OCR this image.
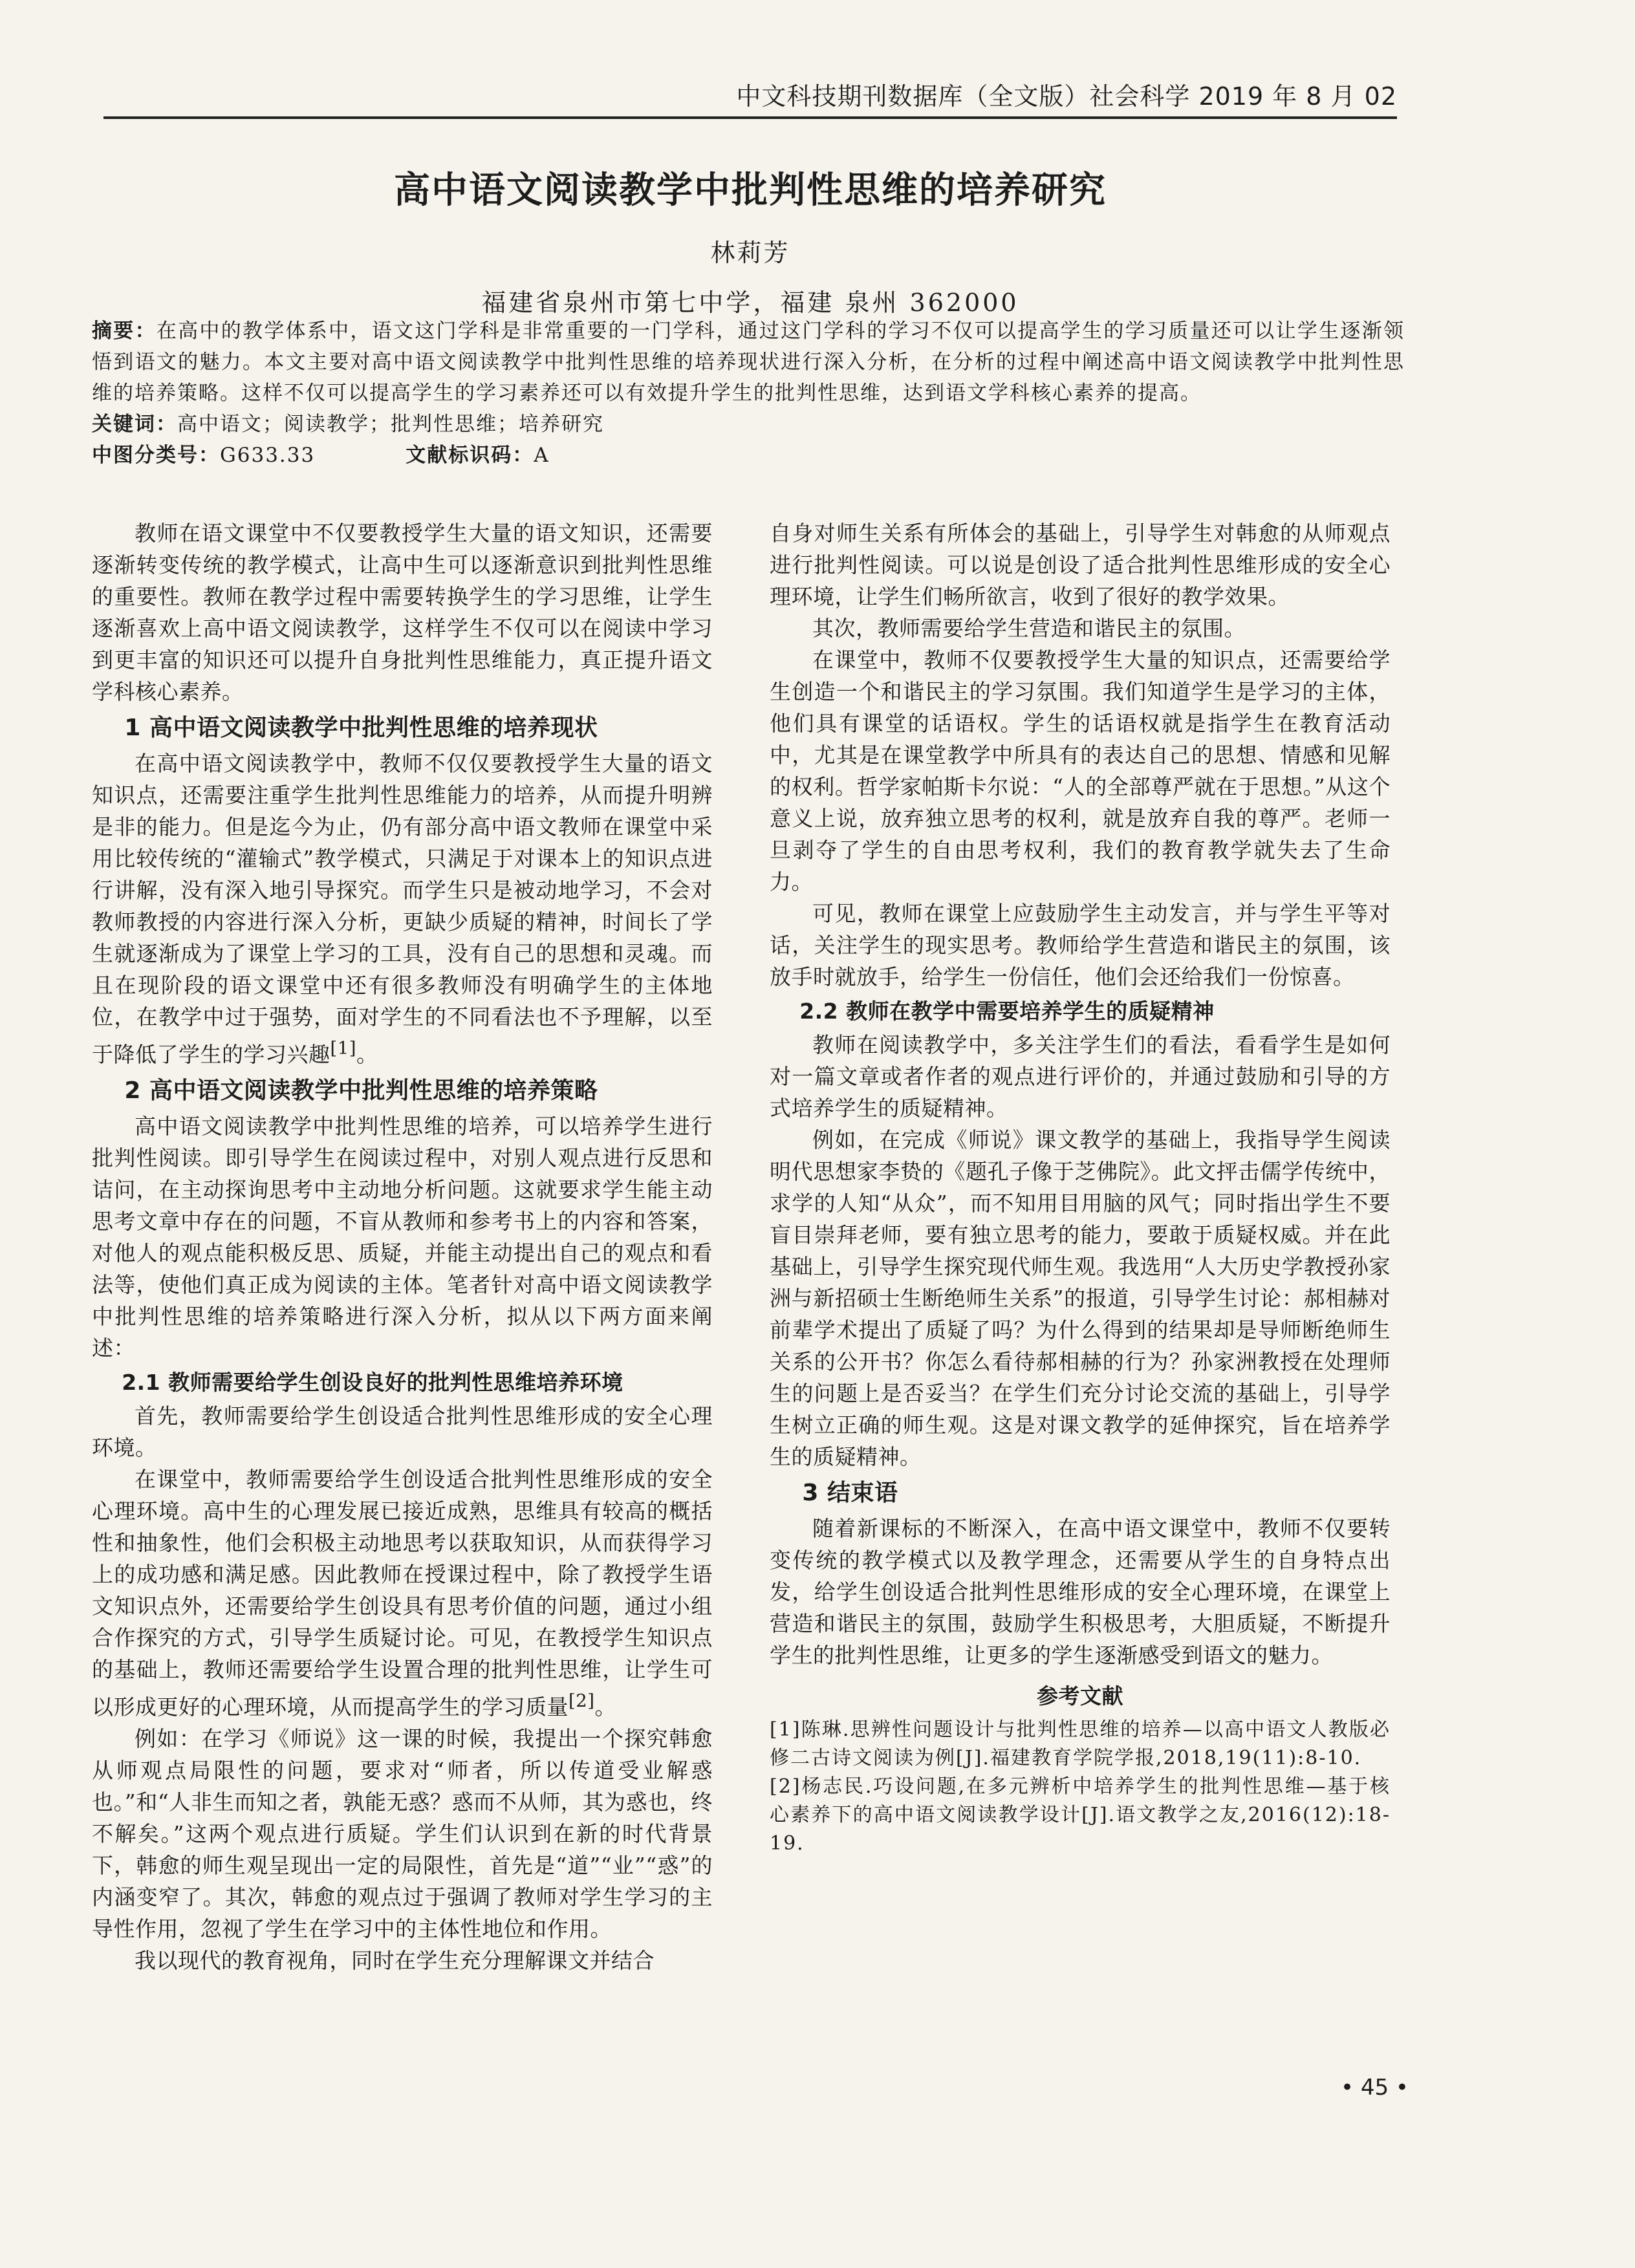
中文科技期刊数据库（全文版）社会科学 2019 年 8 月 02
高中语文阅读教学中批判性思维的培养研究
林莉芳
福建省泉州市第七中学，福建 泉州 362000

摘要：在高中的教学体系中，语文这门学科是非常重要的一门学科，通过这门学科的学习不仅可以提高学生的学习质量还可以让学生逐渐领悟到语文的魅力。本文主要对高中语文阅读教学中批判性思维的培养现状进行深入分析，在分析的过程中阐述高中语文阅读教学中批判性思维的培养策略。这样不仅可以提高学生的学习素养还可以有效提升学生的批判性思维，达到语文学科核心素养的提高。

关键词：高中语文；阅读教学；批判性思维；培养研究

中图分类号：G633.33	文献标识码：A

教师在语文课堂中不仅要教授学生大量的语文知识，还需要逐渐转变传统的教学模式，让高中生可以逐渐意识到批判性思维的重要性。教师在教学过程中需要转换学生的学习思维，让学生逐渐喜欢上高中语文阅读教学，这样学生不仅可以在阅读中学习到更丰富的知识还可以提升自身批判性思维能力，真正提升语文学科核心素养。

1 高中语文阅读教学中批判性思维的培养现状

在高中语文阅读教学中，教师不仅仅要教授学生大量的语文知识点，还需要注重学生批判性思维能力的培养，从而提升明辨是非的能力。但是迄今为止，仍有部分高中语文教师在课堂中采用比较传统的“灌输式”教学模式，只满足于对课本上的知识点进行讲解，没有深入地引导探究。而学生只是被动地学习，不会对教师教授的内容进行深入分析，更缺少质疑的精神，时间长了学生就逐渐成为了课堂上学习的工具，没有自己的思想和灵魂。而且在现阶段的语文课堂中还有很多教师没有明确学生的主体地位，在教学中过于强势，面对学生的不同看法也不予理解，以至于降低了学生的学习兴趣[1]。

2 高中语文阅读教学中批判性思维的培养策略

高中语文阅读教学中批判性思维的培养，可以培养学生进行批判性阅读。即引导学生在阅读过程中，对别人观点进行反思和诘问，在主动探询思考中主动地分析问题。这就要求学生能主动思考文章中存在的问题，不盲从教师和参考书上的内容和答案，对他人的观点能积极反思、质疑，并能主动提出自己的观点和看法等，使他们真正成为阅读的主体。笔者针对高中语文阅读教学中批判性思维的培养策略进行深入分析，拟从以下两方面来阐述：

2.1 教师需要给学生创设良好的批判性思维培养环境

首先，教师需要给学生创设适合批判性思维形成的安全心理环境。

在课堂中，教师需要给学生创设适合批判性思维形成的安全心理环境。高中生的心理发展已接近成熟，思维具有较高的概括性和抽象性，他们会积极主动地思考以获取知识，从而获得学习上的成功感和满足感。因此教师在授课过程中，除了教授学生语文知识点外，还需要给学生创设具有思考价值的问题，通过小组合作探究的方式，引导学生质疑讨论。可见，在教授学生知识点的基础上，教师还需要给学生设置合理的批判性思维，让学生可以形成更好的心理环境，从而提高学生的学习质量[2]。

例如：在学习《师说》这一课的时候，我提出一个探究韩愈从师观点局限性的问题，要求对“师者，所以传道受业解惑也。”和“人非生而知之者，孰能无惑？惑而不从师，其为惑也，终不解矣。”这两个观点进行质疑。学生们认识到在新的时代背景下，韩愈的师生观呈现出一定的局限性，首先是“道”“业”“惑”的内涵变窄了。其次，韩愈的观点过于强调了教师对学生学习的主导性作用，忽视了学生在学习中的主体性地位和作用。

我以现代的教育视角，同时在学生充分理解课文并结合

自身对师生关系有所体会的基础上，引导学生对韩愈的从师观点进行批判性阅读。可以说是创设了适合批判性思维形成的安全心理环境，让学生们畅所欲言，收到了很好的教学效果。

其次，教师需要给学生营造和谐民主的氛围。

在课堂中，教师不仅要教授学生大量的知识点，还需要给学生创造一个和谐民主的学习氛围。我们知道学生是学习的主体，他们具有课堂的话语权。学生的话语权就是指学生在教育活动中，尤其是在课堂教学中所具有的表达自己的思想、情感和见解的权利。哲学家帕斯卡尔说：“人的全部尊严就在于思想。”从这个意义上说，放弃独立思考的权利，就是放弃自我的尊严。老师一旦剥夺了学生的自由思考权利，我们的教育教学就失去了生命力。

可见，教师在课堂上应鼓励学生主动发言，并与学生平等对话，关注学生的现实思考。教师给学生营造和谐民主的氛围，该放手时就放手，给学生一份信任，他们会还给我们一份惊喜。

2.2 教师在教学中需要培养学生的质疑精神

教师在阅读教学中，多关注学生们的看法，看看学生是如何对一篇文章或者作者的观点进行评价的，并通过鼓励和引导的方式培养学生的质疑精神。

例如，在完成《师说》课文教学的基础上，我指导学生阅读明代思想家李贽的《题孔子像于芝佛院》。此文抨击儒学传统中，求学的人知“从众”，而不知用目用脑的风气；同时指出学生不要盲目崇拜老师，要有独立思考的能力，要敢于质疑权威。并在此基础上，引导学生探究现代师生观。我选用“人大历史学教授孙家洲与新招硕士生断绝师生关系”的报道，引导学生讨论：郝相赫对前辈学术提出了质疑了吗？为什么得到的结果却是导师断绝师生关系的公开书？你怎么看待郝相赫的行为？孙家洲教授在处理师生的问题上是否妥当？在学生们充分讨论交流的基础上，引导学生树立正确的师生观。这是对课文教学的延伸探究，旨在培养学生的质疑精神。

3 结束语

随着新课标的不断深入，在高中语文课堂中，教师不仅要转变传统的教学模式以及教学理念，还需要从学生的自身特点出发，给学生创设适合批判性思维形成的安全心理环境，在课堂上营造和谐民主的氛围，鼓励学生积极思考，大胆质疑，不断提升学生的批判性思维，让更多的学生逐渐感受到语文的魅力。

参考文献

[1]陈琳.思辨性问题设计与批判性思维的培养—以高中语文人教版必修二古诗文阅读为例[J].福建教育学院学报,2018,19(11):8-10.

[2]杨志民.巧设问题,在多元辨析中培养学生的批判性思维—基于核心素养下的高中语文阅读教学设计[J].语文教学之友,2016(12):18-19.

• 45 •
